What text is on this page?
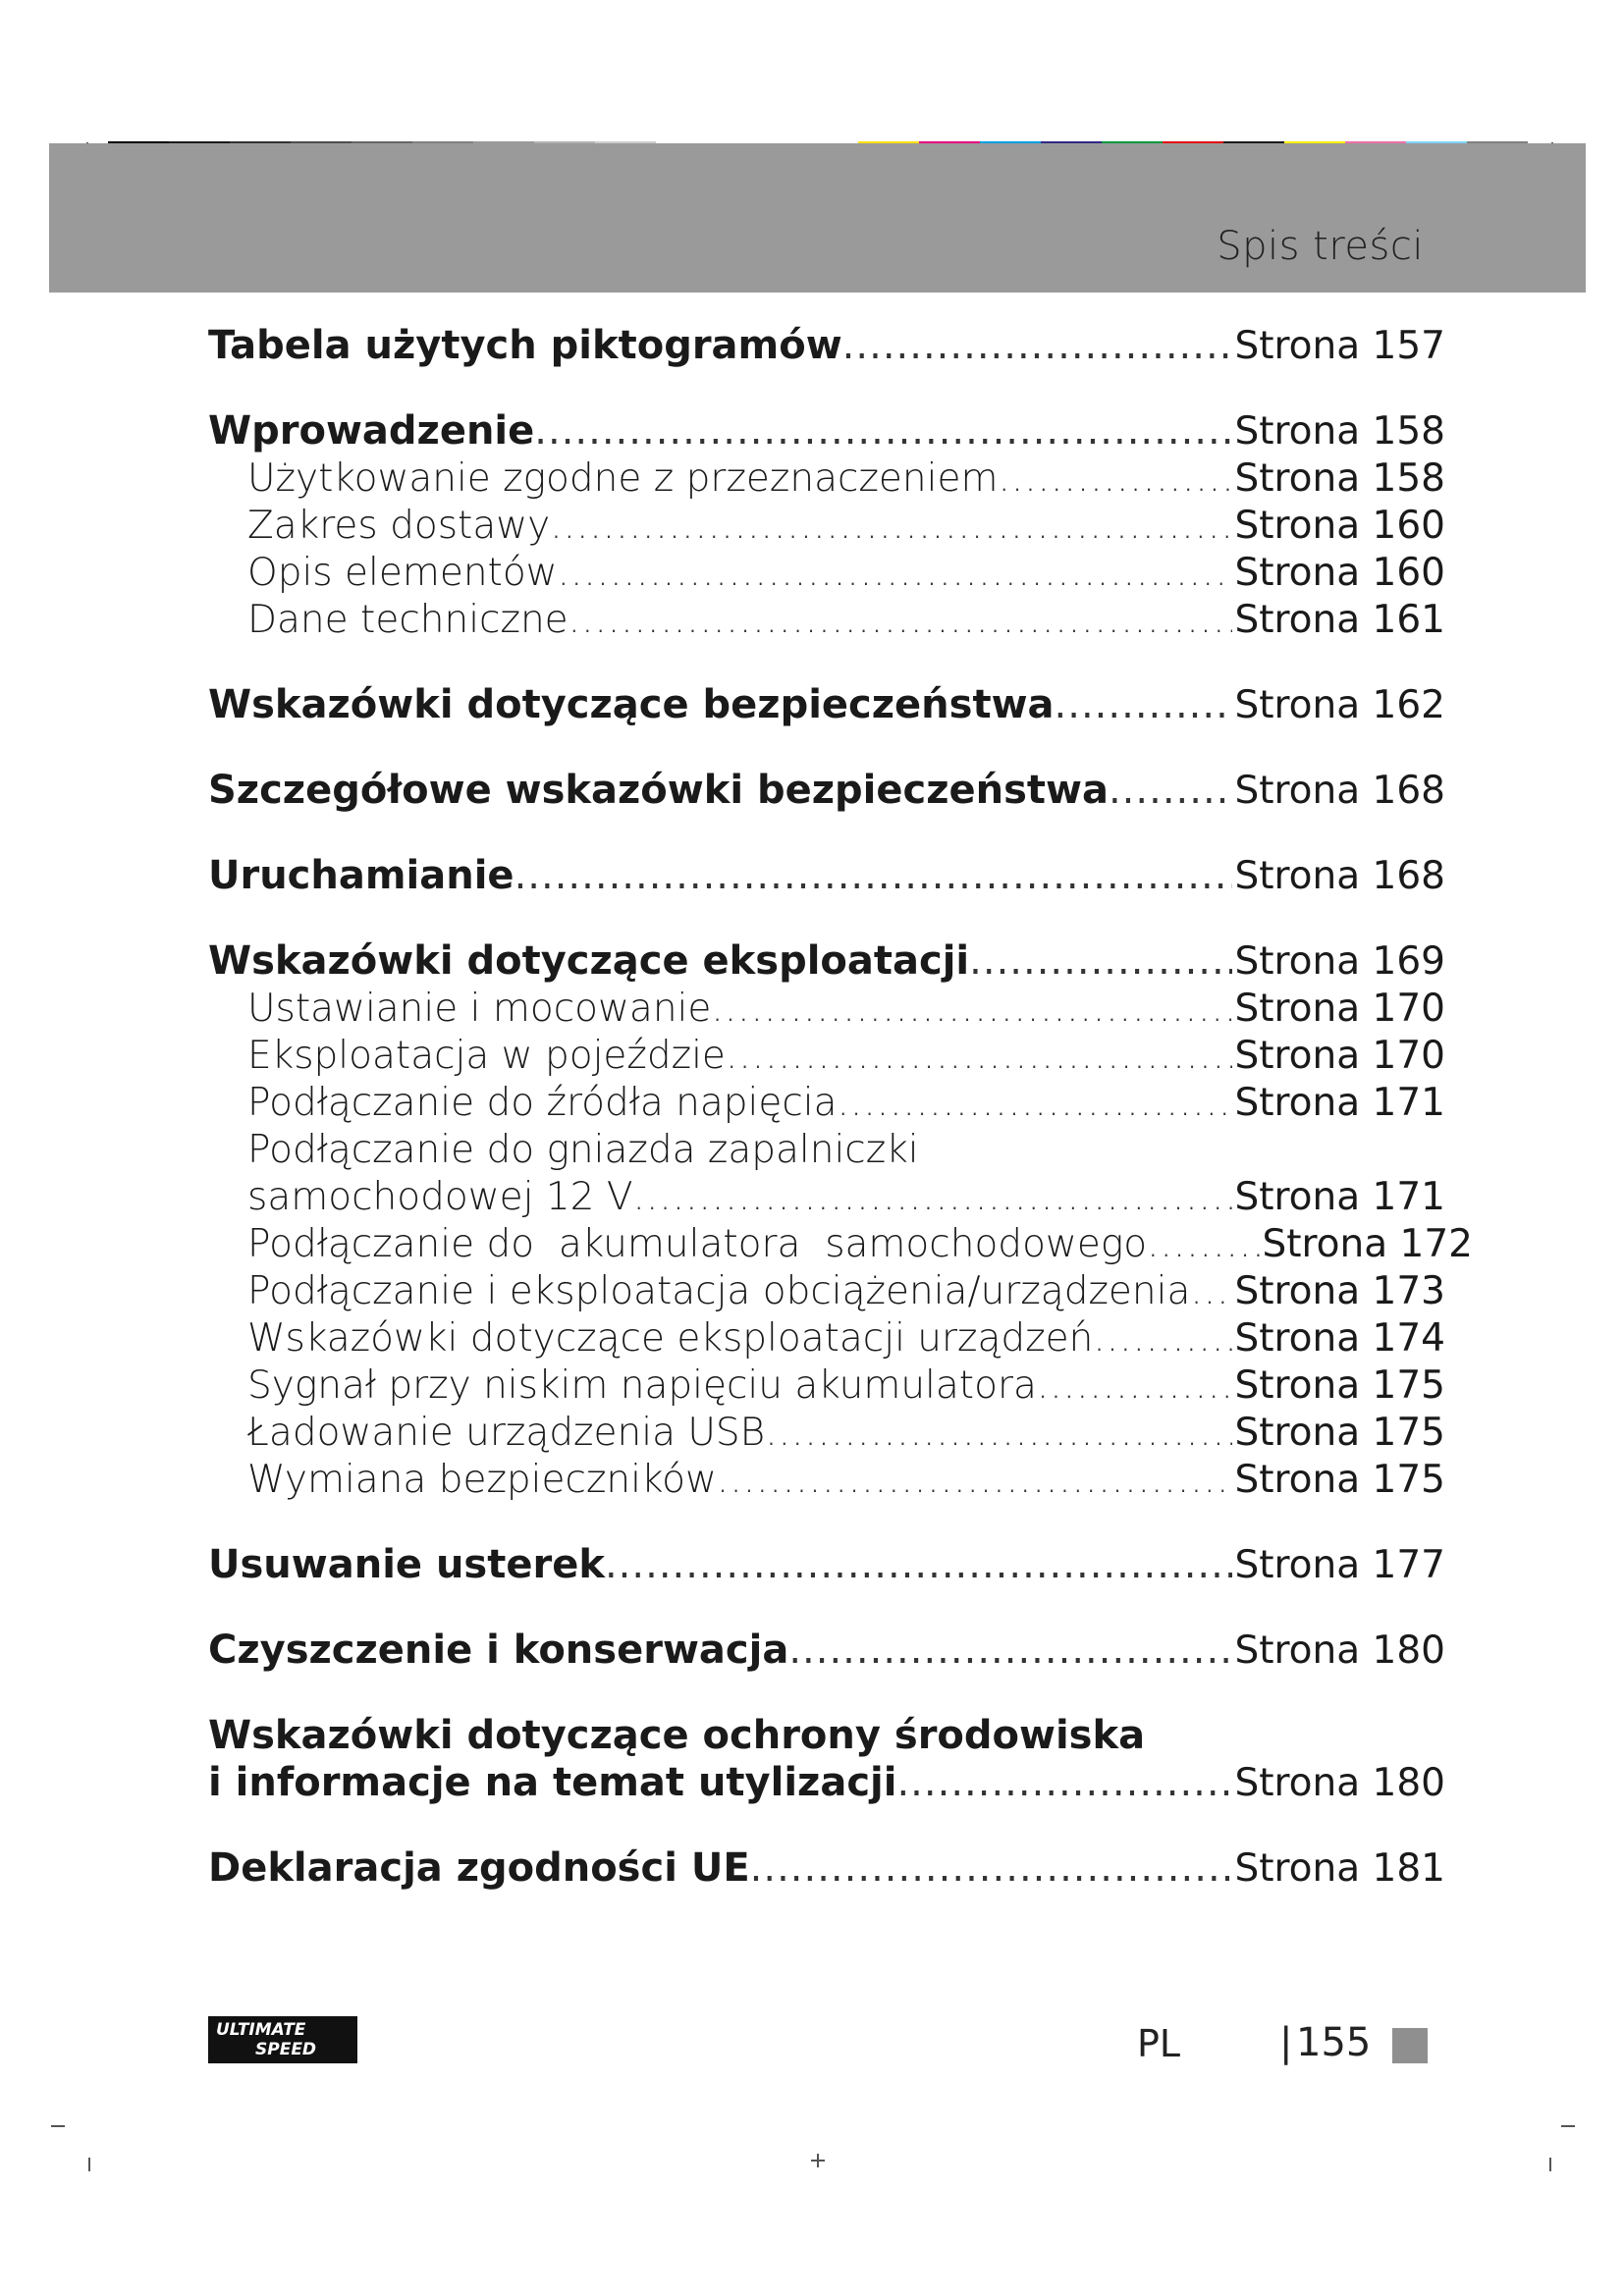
Spis treści
Tabela użytych piktogramów .....	Strona 157
Wprowadzenie .....	Strona 158
Użytkowanie zgodne z przeznaczeniem .....	Strona 158
Zakres dostawy .....	Strona 160
Opis elementów .....	Strona 160
Dane techniczne .....	Strona 161
Wskazówki dotyczące bezpieczeństwa .....	Strona 162
Szczegółowe wskazówki bezpieczeństwa .....	Strona 168
Uruchamianie .....	Strona 168
Wskazówki dotyczące eksploatacji .....	Strona 169
Ustawianie i mocowanie .....	Strona 170
Eksploatacja w pojeździe .....	Strona 170
Podłączanie do źródła napięcia .....	Strona 171
Podłączanie do gniazda zapalniczki
samochodowej 12 V .....	Strona 171
Podłączanie do  akumulatora  samochodowego .....	Strona 172
Podłączanie i eksploatacja obciążenia/urządzenia ..... Strona 173
Wskazówki dotyczące eksploatacji urządzeń .....	Strona 174
Sygnał przy niskim napięciu akumulatora .....	Strona 175
Ładowanie urządzenia USB .....	Strona 175
Wymiana bezpieczników .....	Strona 175
Usuwanie usterek .....	Strona 177
Czyszczenie i konserwacja .....	Strona 180
Wskazówki dotyczące ochrony środowiska
i informacje na temat utylizacji .....	Strona 180
Deklaracja zgodności UE .....	Strona 181
ULTIMATE
SPEED	PL	| 155
